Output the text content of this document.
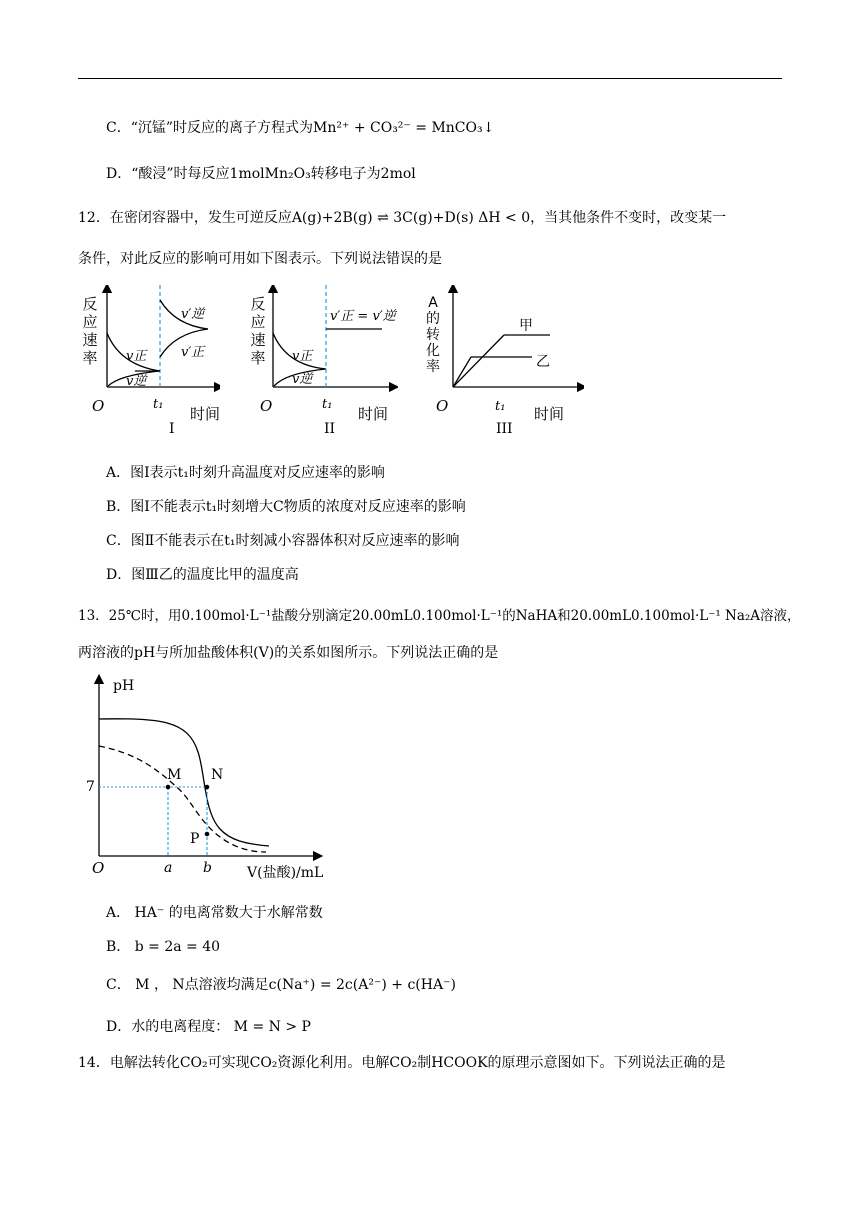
C．“沉锰”时反应的离子方程式为Mn²⁺ + CO₃²⁻ = MnCO₃↓
D．“酸浸”时每反应1molMn₂O₃转移电子为2mol
12．在密闭容器中，发生可逆反应A(g)+2B(g) ⇌ 3C(g)+D(s) ΔH < 0，当其他条件不变时，改变某一
条件，对此反应的影响可用如下图表示。下列说法错误的是
反
应
速
率 v正
v逆
v′逆
v′正
O	t₁
时间
I
反
应
速
率 v正
v逆
v′正 = v′逆
O	t₁
时间
II
A
的
转
化
率
甲
乙
O	t₁ 时间
III
A．图Ⅰ表示t₁时刻升高温度对反应速率的影响
B．图Ⅰ不能表示t₁时刻增大C物质的浓度对反应速率的影响
C．图Ⅱ不能表示在t₁时刻减小容器体积对反应速率的影响
D．图Ⅲ乙的温度比甲的温度高
13．25℃时，用0.100mol·L⁻¹盐酸分别滴定20.00mL0.100mol·L⁻¹的NaHA和20.00mL0.100mol·L⁻¹ Na₂A溶液，
两溶液的pH与所加盐酸体积(V)的关系如图所示。下列说法正确的是
pH
7
M N
P
O	a b	V(盐酸)/mL
A． HA⁻ 的电离常数大于水解常数
B． b = 2a = 40
C． M ， N点溶液均满足c(Na⁺) = 2c(A²⁻) + c(HA⁻)
D．水的电离程度： M = N > P
14．电解法转化CO₂可实现CO₂资源化利用。电解CO₂制HCOOK的原理示意图如下。下列说法正确的是
